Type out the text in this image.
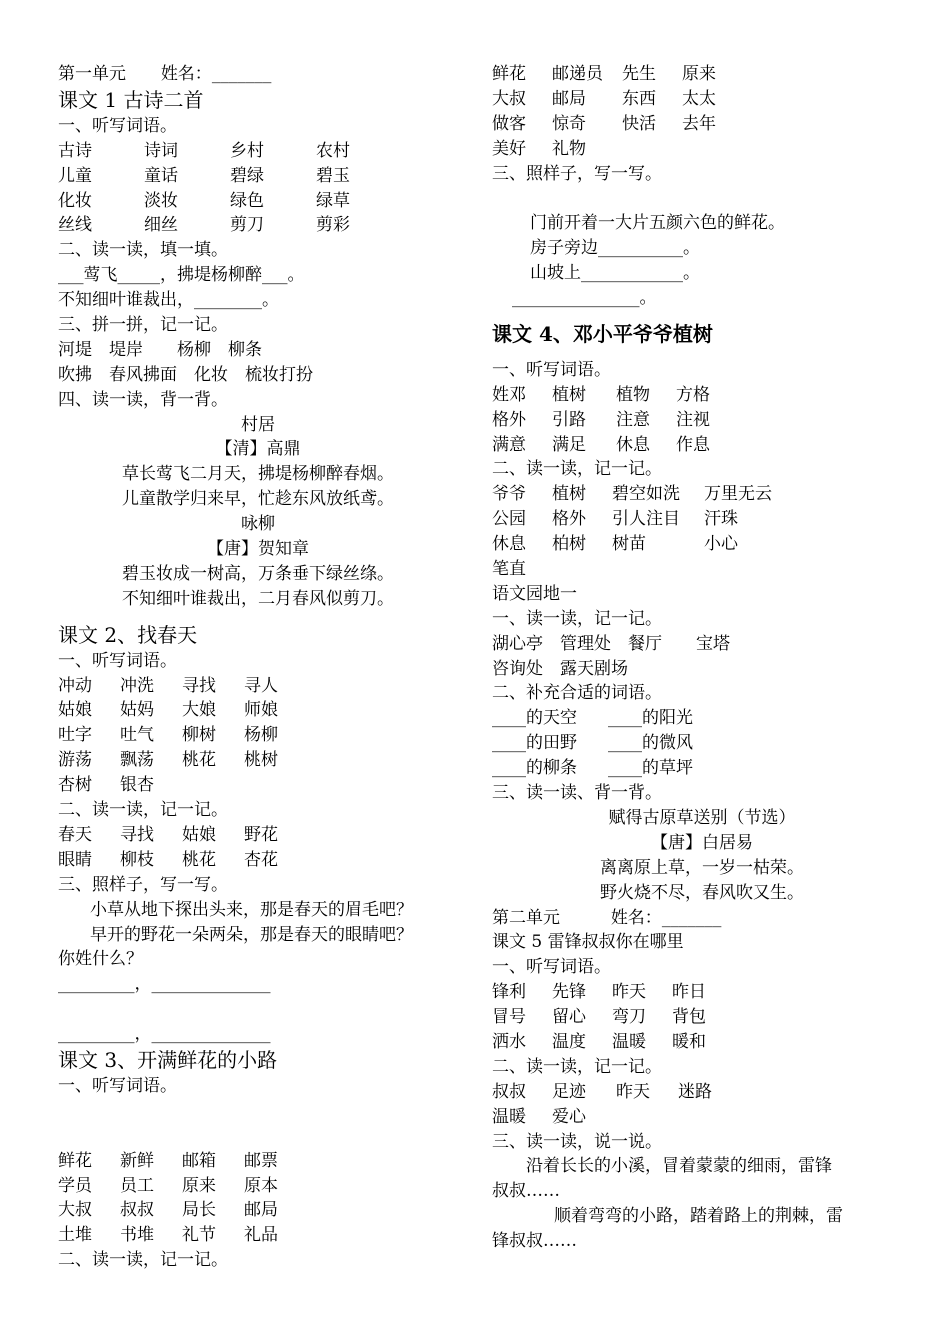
第一单元 姓名：_______
课文 1 古诗二首
一、听写词语。
古诗	诗词	乡村	农村
儿童	童话	碧绿	碧玉
化妆	淡妆	绿色	绿草
丝线	细丝	剪刀	剪彩
二、读一读，填一填。
___莺飞_____，拂堤杨柳醉___。
不知细叶谁裁出，________。
三、拼一拼，记一记。
河堤　堤岸　　杨柳　柳条
吹拂　春风拂面　化妆　梳妆打扮
四、读一读，背一背。
村居
【清】高鼎
草长莺飞二月天，拂堤杨柳醉春烟。
儿童散学归来早，忙趁东风放纸鸢。
咏柳
【唐】贺知章
碧玉妆成一树高，万条垂下绿丝绦。
不知细叶谁裁出，二月春风似剪刀。
课文 2、找春天
一、听写词语。
冲动 冲洗 寻找 寻人
姑娘 姑妈 大娘 师娘
吐字 吐气 柳树 杨柳
游荡 飘荡 桃花 桃树
杏树 银杏
二、读一读，记一记。
春天 寻找 姑娘 野花
眼睛 柳枝 桃花 杏花
三、照样子，写一写。
小草从地下探出头来，那是春天的眉毛吧？
早开的野花一朵两朵，那是春天的眼睛吧？
你姓什么？
_________，______________
_________，______________
课文 3、开满鲜花的小路
一、听写词语。
鲜花 新鲜 邮箱 邮票
学员 员工 原来 原本
大叔 叔叔 局长 邮局
土堆 书堆 礼节 礼品
二、读一读，记一记。
鲜花 邮递员 先生 原来
大叔 邮局 东西 太太
做客 惊奇 快活 去年
美好 礼物
三、照样子，写一写。
门前开着一大片五颜六色的鲜花。
房子旁边__________。
山坡上____________。
_______________。
课文 4、邓小平爷爷植树
一、听写词语。
姓邓 植树 植物 方格
格外 引路 注意 注视
满意 满足 休息 作息
二、读一读，记一记。
爷爷 植树 碧空如洗 万里无云
公园 格外 引人注目 汗珠
休息 柏树 树苗	小心
笔直
语文园地一
一、读一读，记一记。
湖心亭　管理处　餐厅　　宝塔
咨询处　露天剧场
二、补充合适的词语。
____的天空 ____的阳光
____的田野 ____的微风
____的柳条 ____的草坪
三、读一读、背一背。
赋得古原草送别（节选）
【唐】白居易
离离原上草，一岁一枯荣。
野火烧不尽，春风吹又生。
第二单元	姓名：_______
课文 5 雷锋叔叔你在哪里
一、听写词语。
锋利 先锋 昨天 昨日
冒号 留心 弯刀 背包
洒水 温度 温暖 暖和
二、读一读，记一记。
叔叔 足迹 昨天 迷路
温暖 爱心
三、读一读，说一说。
沿着长长的小溪，冒着蒙蒙的细雨，雷锋
叔叔……
顺着弯弯的小路，踏着路上的荆棘，雷
锋叔叔……
